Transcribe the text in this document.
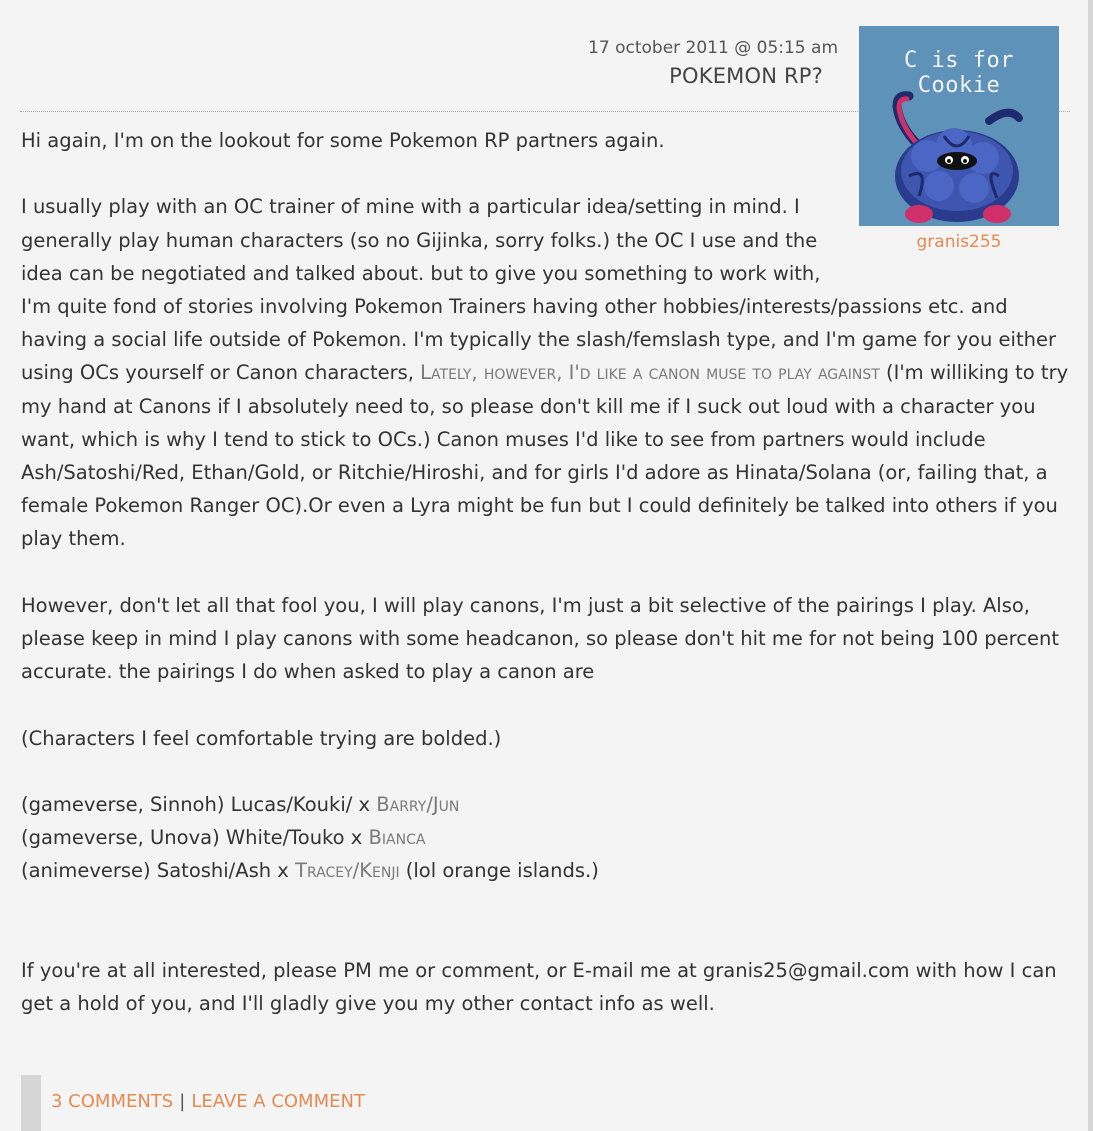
17 october 2011 @ 05:15 am
POKEMON RP?
C is for Cookie
granis255

Hi again, I'm on the lookout for some Pokemon RP partners again.

I usually play with an OC trainer of mine with a particular idea/setting in mind. I generally play human characters (so no Gijinka, sorry folks.) the OC I use and the idea can be negotiated and talked about. but to give you something to work with, I'm quite fond of stories involving Pokemon Trainers having other hobbies/interests/passions etc. and having a social life outside of Pokemon. I'm typically the slash/femslash type, and I'm game for you either using OCs yourself or Canon characters, Lately, however, I'd like a canon muse to play against (I'm williking to try my hand at Canons if I absolutely need to, so please don't kill me if I suck out loud with a character you want, which is why I tend to stick to OCs.) Canon muses I'd like to see from partners would include Ash/Satoshi/Red, Ethan/Gold, or Ritchie/Hiroshi, and for girls I'd adore as Hinata/Solana (or, failing that, a female Pokemon Ranger OC).Or even a Lyra might be fun but I could definitely be talked into others if you play them.

However, don't let all that fool you, I will play canons, I'm just a bit selective of the pairings I play. Also, please keep in mind I play canons with some headcanon, so please don't hit me for not being 100 percent accurate. the pairings I do when asked to play a canon are

(Characters I feel comfortable trying are bolded.)

(gameverse, Sinnoh) Lucas/Kouki/ x Barry/Jun
(gameverse, Unova) White/Touko x Bianca
(animeverse) Satoshi/Ash x Tracey/Kenji (lol orange islands.)

If you're at all interested, please PM me or comment, or E-mail me at granis25@gmail.com with how I can get a hold of you, and I'll gladly give you my other contact info as well.

3 COMMENTS | LEAVE A COMMENT
